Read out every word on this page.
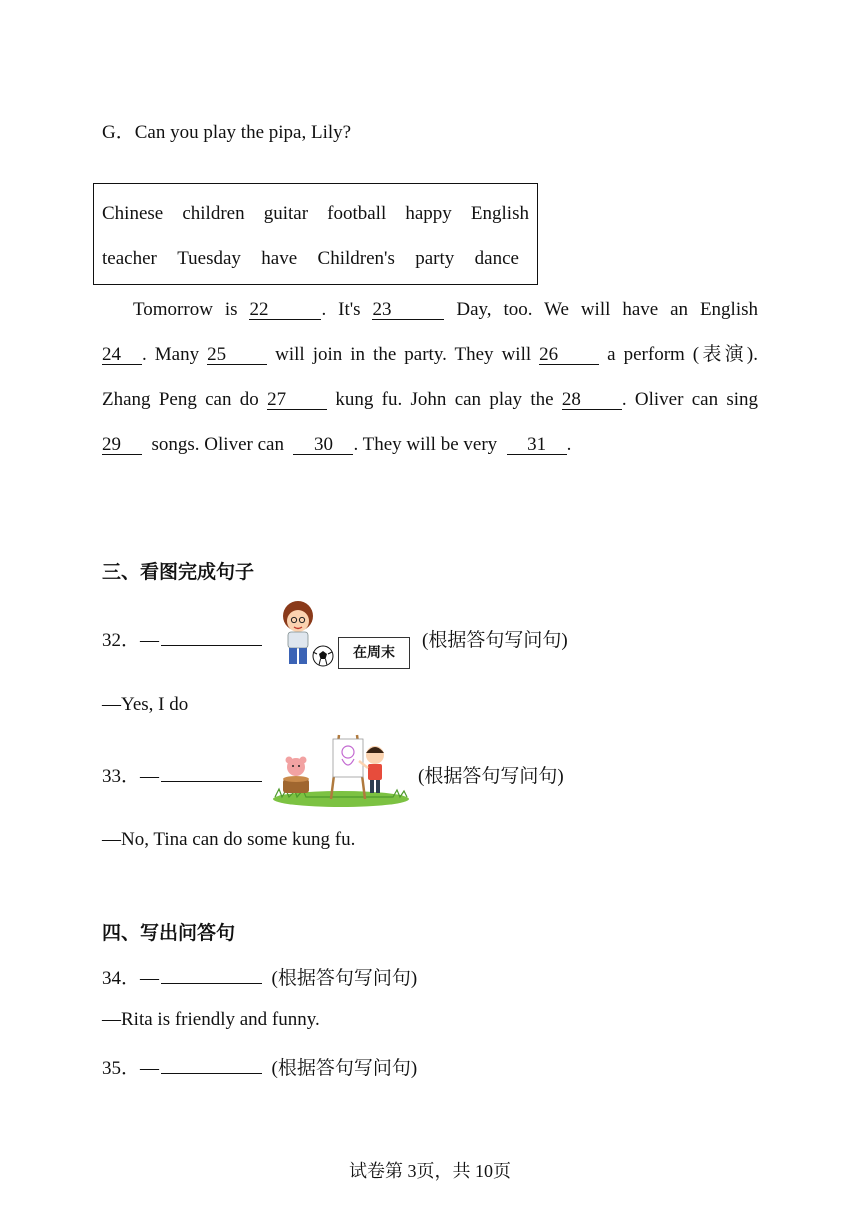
G．Can you play the pipa, Lily?
Chinese children guitar football happy English
teacher Tuesday have Children's party dance
Tomorrow is 22	. It's 23	Day, too. We will have an English
24 . Many 25	will join in the party. They will 26	a perform (表演).
Zhang Peng can do 27	kung fu. John can play the 28 . Oliver can sing
29 songs. Oliver can 30 . They will be very 31 .
三、看图完成句子
32．—
在周末
(根据答句写问句)
—Yes, I do
33．—	(根据答句写问句)
—No, Tina can do some kung fu.
四、写出问答句
34．—	(根据答句写问句)
—Rita is friendly and funny.
35．—	(根据答句写问句)
试卷第 3页，共 10页
